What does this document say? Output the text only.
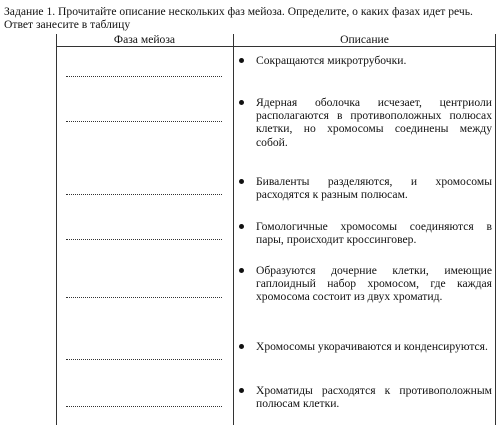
Задание 1. Прочитайте описание нескольких фаз мейоза. Определите, о каких фазах идет речь. Ответ занесите в таблицу

Фаза мейоза	Описание

Сокращаются микротрубочки.

Ядерная оболочка исчезает, центриоли располагаются в противоположных полюсах клетки, но хромосомы соединены между собой.

Биваленты разделяются, и хромосомы расходятся к разным полюсам.

Гомологичные хромосомы соединяются в пары, происходит кроссинговер.

Образуются дочерние клетки, имеющие гаплоидный набор хромосом, где каждая хромосома состоит из двух хроматид.

Хромосомы укорачиваются и конденсируются.

Хроматиды расходятся к противоположным полюсам клетки.
